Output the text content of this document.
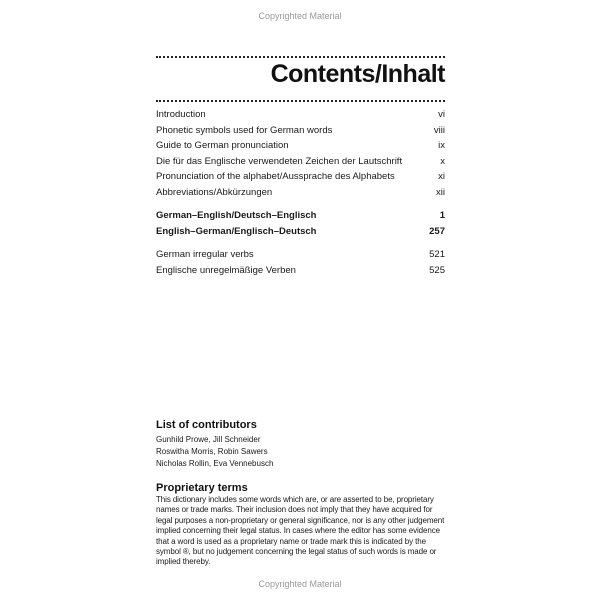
Copyrighted Material
Contents/Inhalt
Introduction	vi
Phonetic symbols used for German words	viii
Guide to German pronunciation	ix
Die für das Englische verwendeten Zeichen der Lautschrift	x
Pronunciation of the alphabet/Aussprache des Alphabets	xi
Abbreviations/Abkürzungen	xii
German–English/Deutsch–Englisch	1
English–German/Englisch–Deutsch	257
German irregular verbs	521
Englische unregelmäßige Verben	525
List of contributors
Gunhild Prowe, Jill Schneider
Roswitha Morris, Robin Sawers
Nicholas Rollin, Eva Vennebusch
Proprietary terms

This dictionary includes some words which are, or are asserted to be, proprietary names or trade marks. Their inclusion does not imply that they have acquired for legal purposes a non-proprietary or general significance, nor is any other judgement implied concerning their legal status. In cases where the editor has some evidence that a word is used as a proprietary name or trade mark this is indicated by the symbol ®, but no judgement concerning the legal status of such words is made or implied thereby.

Copyrighted Material
